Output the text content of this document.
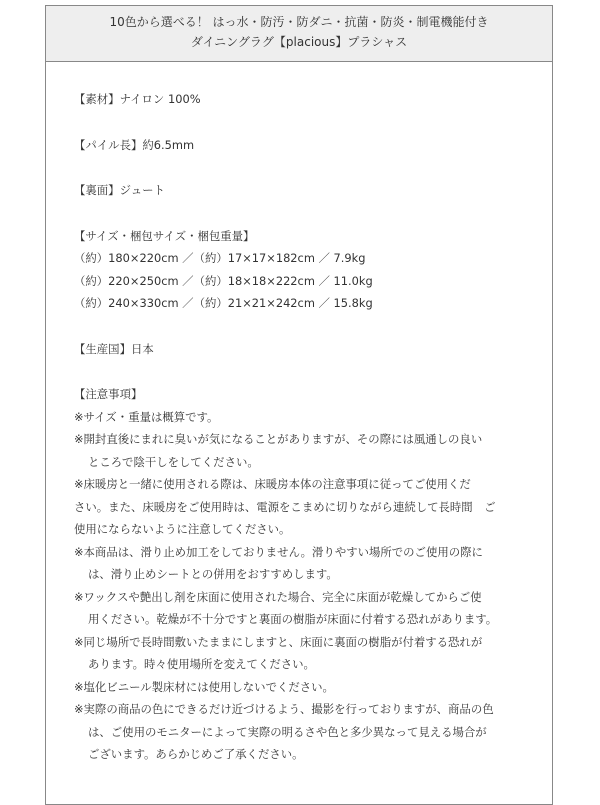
10色から選べる！ はっ水・防汚・防ダニ・抗菌・防炎・制電機能付き
ダイニングラグ【placious】プラシャス
【素材】ナイロン 100%
【パイル長】約6.5mm
【裏面】ジュート
【サイズ・梱包サイズ・梱包重量】
（約）180×220cm ／（約）17×17×182cm ／ 7.9kg
（約）220×250cm ／（約）18×18×222cm ／ 11.0kg
（約）240×330cm ／（約）21×21×242cm ／ 15.8kg
【生産国】日本
【注意事項】
※サイズ・重量は概算です。
※開封直後にまれに臭いが気になることがありますが、その際には風通しの良い
ところで陰干しをしてください。
※床暖房と一緒に使用される際は、床暖房本体の注意事項に従ってご使用くだ
さい。また、床暖房をご使用時は、電源をこまめに切りながら連続して長時間　ご
使用にならないように注意してください。
※本商品は、滑り止め加工をしておりません。滑りやすい場所でのご使用の際に
は、滑り止めシートとの併用をおすすめします。
※ワックスや艶出し剤を床面に使用された場合、完全に床面が乾燥してからご使
用ください。乾燥が不十分ですと裏面の樹脂が床面に付着する恐れがあります。
※同じ場所で長時間敷いたままにしますと、床面に裏面の樹脂が付着する恐れが
あります。時々使用場所を変えてください。
※塩化ビニール製床材には使用しないでください。
※実際の商品の色にできるだけ近づけるよう、撮影を行っておりますが、商品の色
は、ご使用のモニターによって実際の明るさや色と多少異なって見える場合が
ございます。あらかじめご了承ください。
